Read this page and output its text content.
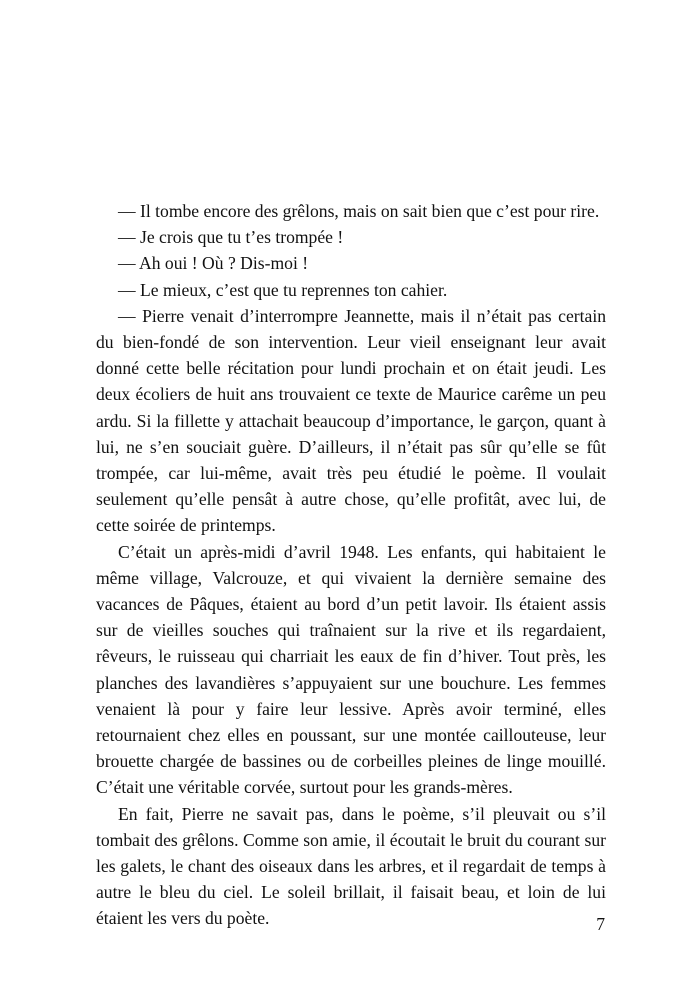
— Il tombe encore des grêlons, mais on sait bien que c’est pour rire.

— Je crois que tu t’es trompée !

— Ah oui ! Où ? Dis-moi !

— Le mieux, c’est que tu reprennes ton cahier.

— Pierre venait d’interrompre Jeannette, mais il n’était pas certain du bien-fondé de son intervention. Leur vieil enseignant leur avait donné cette belle récitation pour lundi prochain et on était jeudi. Les deux écoliers de huit ans trouvaient ce texte de Maurice carême un peu ardu. Si la fillette y attachait beaucoup d’importance, le garçon, quant à lui, ne s’en souciait guère. D’ailleurs, il n’était pas sûr qu’elle se fût trompée, car lui-même, avait très peu étudié le poème. Il voulait seulement qu’elle pensât à autre chose, qu’elle profitât, avec lui, de cette soirée de printemps.

C’était un après-midi d’avril 1948. Les enfants, qui habitaient le même village, Valcrouze, et qui vivaient la dernière semaine des vacances de Pâques, étaient au bord d’un petit lavoir. Ils étaient assis sur de vieilles souches qui traînaient sur la rive et ils regardaient, rêveurs, le ruisseau qui charriait les eaux de fin d’hiver. Tout près, les planches des lavandières s’appuyaient sur une bouchure. Les femmes venaient là pour y faire leur lessive. Après avoir terminé, elles retournaient chez elles en poussant, sur une montée caillouteuse, leur brouette chargée de bassines ou de corbeilles pleines de linge mouillé. C’était une véritable corvée, surtout pour les grands-mères.

En fait, Pierre ne savait pas, dans le poème, s’il pleuvait ou s’il tombait des grêlons. Comme son amie, il écoutait le bruit du courant sur les galets, le chant des oiseaux dans les arbres, et il regardait de temps à autre le bleu du ciel. Le soleil brillait, il faisait beau, et loin de lui étaient les vers du poète.	7
